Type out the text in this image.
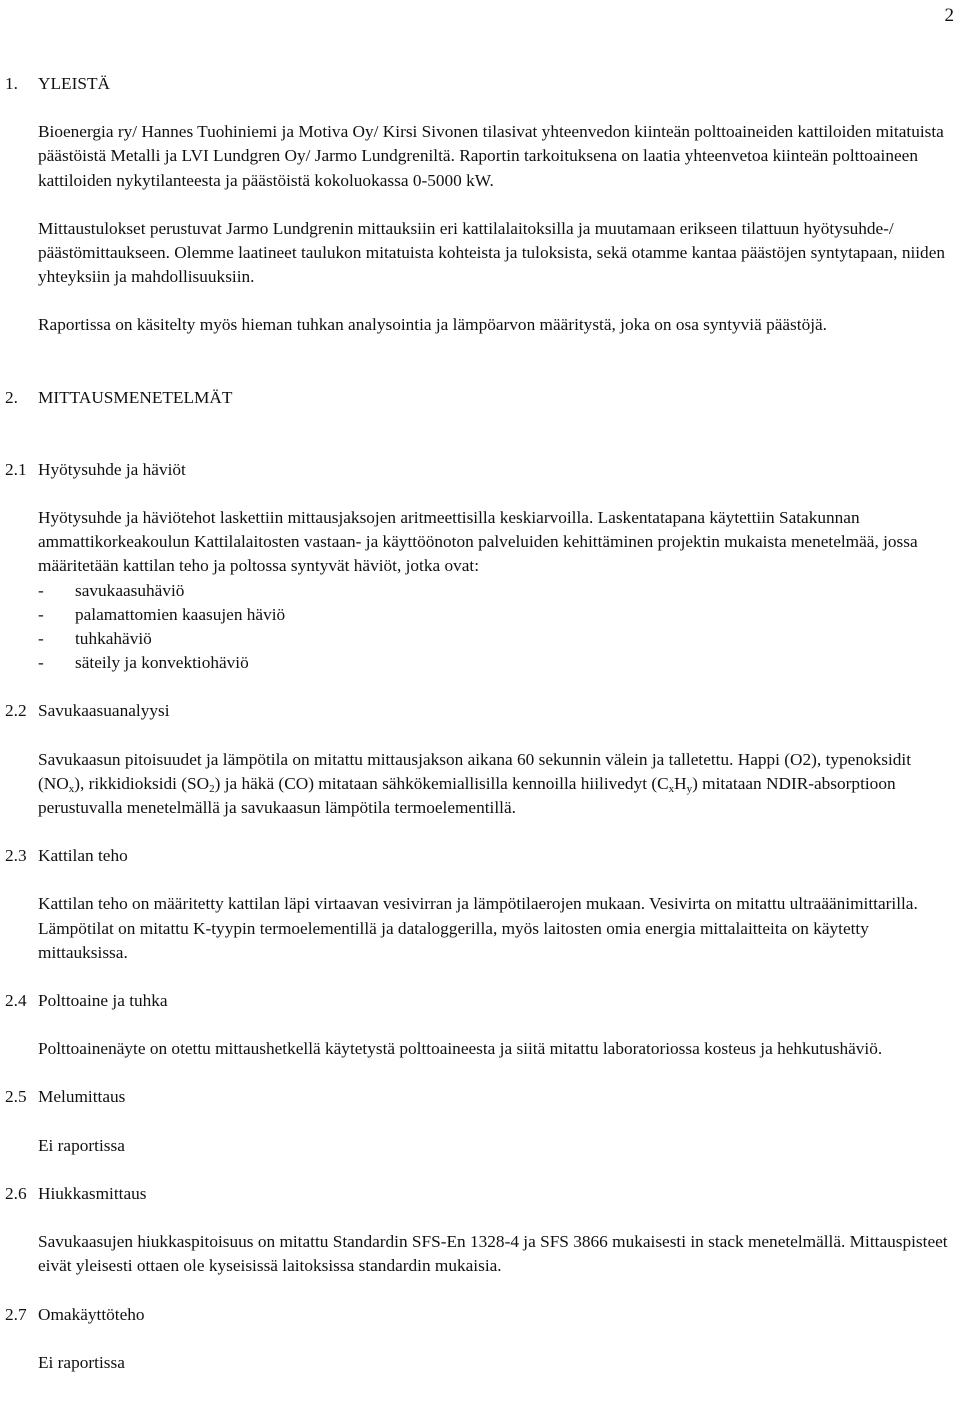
2
1.	YLEISTÄ

Bioenergia ry/ Hannes Tuohiniemi ja Motiva Oy/ Kirsi Sivonen tilasivat yhteenvedon kiinteän polttoaineiden kattiloiden mitatuista päästöistä Metalli ja LVI Lundgren Oy/ Jarmo Lundgreniltä. Raportin tarkoituksena on laatia yhteenvetoa kiinteän polttoaineen kattiloiden nykytilanteesta ja päästöistä kokoluokassa 0-5000 kW.

Mittaustulokset perustuvat Jarmo Lundgrenin mittauksiin eri kattilalaitoksilla ja muutamaan erikseen tilattuun hyötysuhde-/ päästömittaukseen. Olemme laatineet taulukon mitatuista kohteista ja tuloksista, sekä otamme kantaa päästöjen syntytapaan, niiden yhteyksiin ja mahdollisuuksiin.

Raportissa on käsitelty myös hieman tuhkan analysointia ja lämpöarvon määritystä, joka on osa syntyviä päästöjä.

2.	MITTAUSMENETELMÄT
2.1 Hyötysuhde ja häviöt

Hyötysuhde ja häviötehot laskettiin mittausjaksojen aritmeettisilla keskiarvoilla. Laskentatapana käytettiin Satakunnan ammattikorkeakoulun Kattilalaitosten vastaan- ja käyttöönoton palveluiden kehittäminen projektin mukaista menetelmää, jossa määritetään kattilan teho ja poltossa syntyvät häviöt, jotka ovat:

-	savukaasuhäviö
-	palamattomien kaasujen häviö
-	tuhkahäviö
-	säteily ja konvektiohäviö
2.2 Savukaasuanalyysi

Savukaasun pitoisuudet ja lämpötila on mitattu mittausjakson aikana 60 sekunnin välein ja talletettu. Happi (O2), typenoksidit $(NO_x)$, rikkidioksidi $(SO_2)$ ja häkä (CO) mitataan sähkökemiallisilla kennoilla hiilivedyt $(C_xH_y)$ mitataan NDIR-absorptioon perustuvalla menetelmällä ja savukaasun lämpötila termoelementillä.

2.3 Kattilan teho

Kattilan teho on määritetty kattilan läpi virtaavan vesivirran ja lämpötilaerojen mukaan. Vesivirta on mitattu ultraäänimittarilla. Lämpötilat on mitattu K-tyypin termoelementillä ja dataloggerilla, myös laitosten omia energia mittalaitteita on käytetty mittauksissa.

2.4 Polttoaine ja tuhka

Polttoainenäyte on otettu mittaushetkellä käytetystä polttoaineesta ja siitä mitattu laboratoriossa kosteus ja hehkutushäviö.

2.5 Melumittaus

Ei raportissa

2.6 Hiukkasmittaus

Savukaasujen hiukkaspitoisuus on mitattu Standardin SFS-En 1328-4 ja SFS 3866 mukaisesti in stack menetelmällä. Mittauspisteet eivät yleisesti ottaen ole kyseisissä laitoksissa standardin mukaisia.

2.7 Omakäyttöteho

Ei raportissa
